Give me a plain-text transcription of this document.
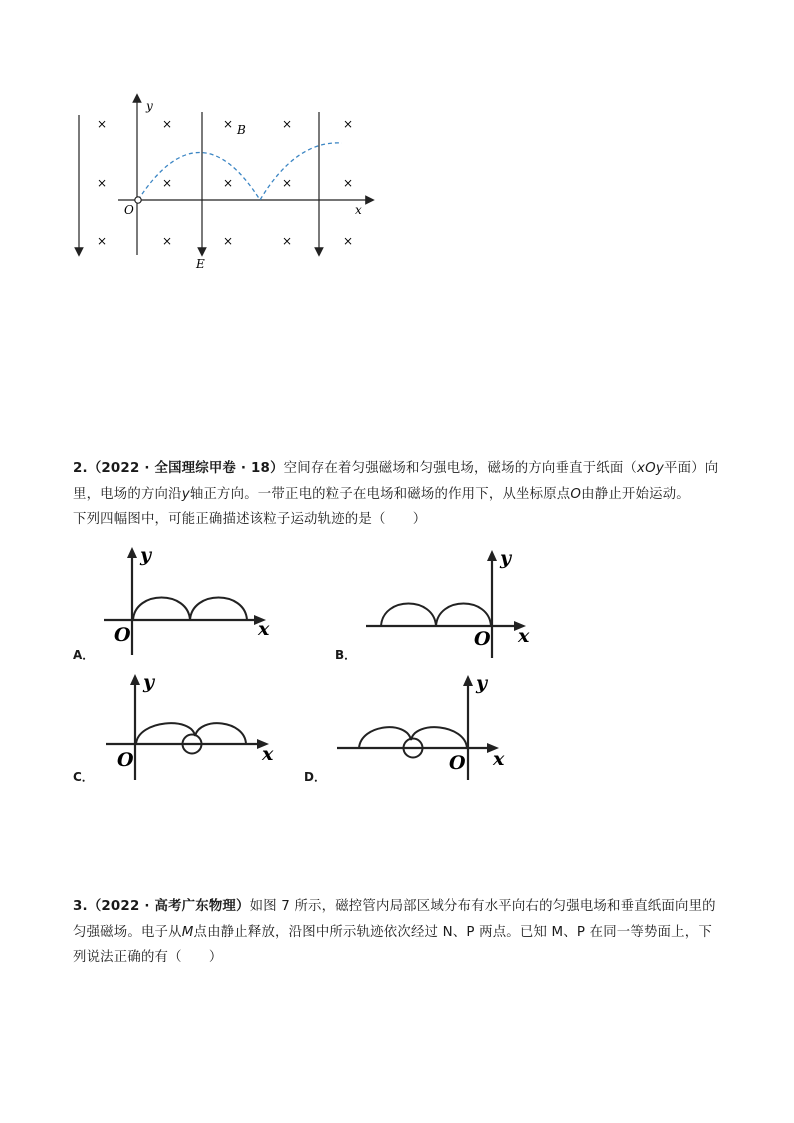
×	×	×	×	×
×	×	×	×	×
×	×	×	×	×
y
x
O
B
E
2.（2022 · 全国理综甲卷 · 18）空间存在着匀强磁场和匀强电场，磁场的方向垂直于纸面（xOy平面）向
里，电场的方向沿y轴正方向。一带正电的粒子在电场和磁场的作用下，从坐标原点O由静止开始运动。
下列四幅图中，可能正确描述该粒子运动轨迹的是（　　）
y
x
O
A．
y
x
O
B．
y
x
O
C．
y
x
O
D．
3.（2022 · 高考广东物理）如图 7 所示，磁控管内局部区域分布有水平向右的匀强电场和垂直纸面向里的
匀强磁场。电子从M点由静止释放，沿图中所示轨迹依次经过 N、P 两点。已知 M、P 在同一等势面上，下
列说法正确的有（　　）
